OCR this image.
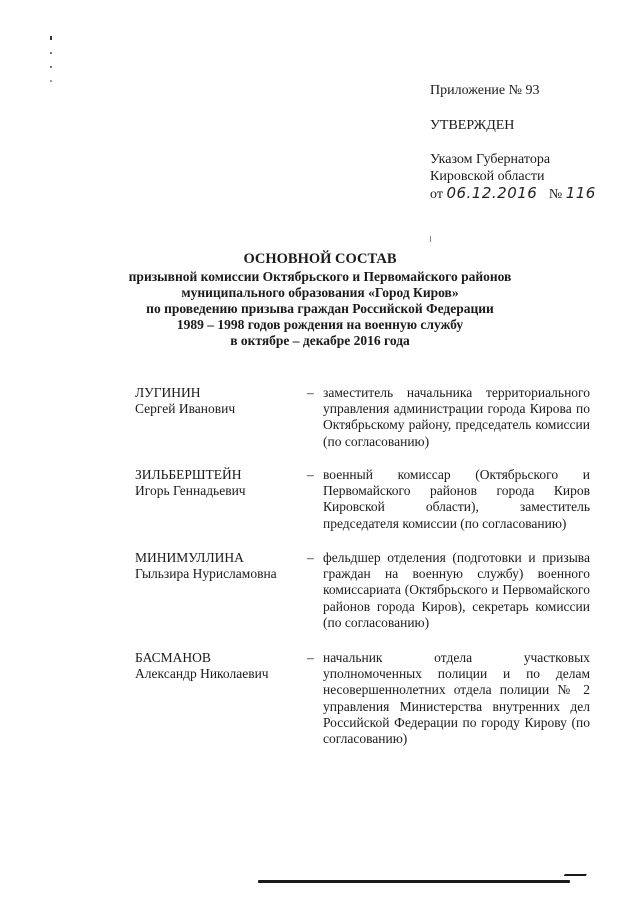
Приложение № 93
УТВЕРЖДЕН
Указом Губернатора
Кировской области
от 06.12.2016 № 116
ОСНОВНОЙ СОСТАВ
призывной комиссии Октябрьского и Первомайского районов
муниципального образования «Город Киров»
по проведению призыва граждан Российской Федерации
1989 – 1998 годов рождения на военную службу
в октябре – декабре 2016 года
ЛУГИНИН
Сергей Иванович
– заместитель начальника территориального управления администрации города Кирова по Октябрьскому району, председатель комиссии (по согласованию)
ЗИЛЬБЕРШТЕЙН
Игорь Геннадьевич
– военный комиссар (Октябрьского и Первомайского районов города Киров Кировской области), заместитель председателя комиссии (по согласованию)
МИНИМУЛЛИНА
Гыльзира Нурисламовна
– фельдшер отделения (подготовки и призыва граждан на военную службу) военного комиссариата (Октябрьского и Первомайского районов города Киров), секретарь комиссии (по согласованию)
БАСМАНОВ
Александр Николаевич
– начальник отдела участковых уполномоченных полиции и по делам несовершеннолетних отдела полиции № 2 управления Министерства внутренних дел Российской Федерации по городу Кирову (по согласованию)
